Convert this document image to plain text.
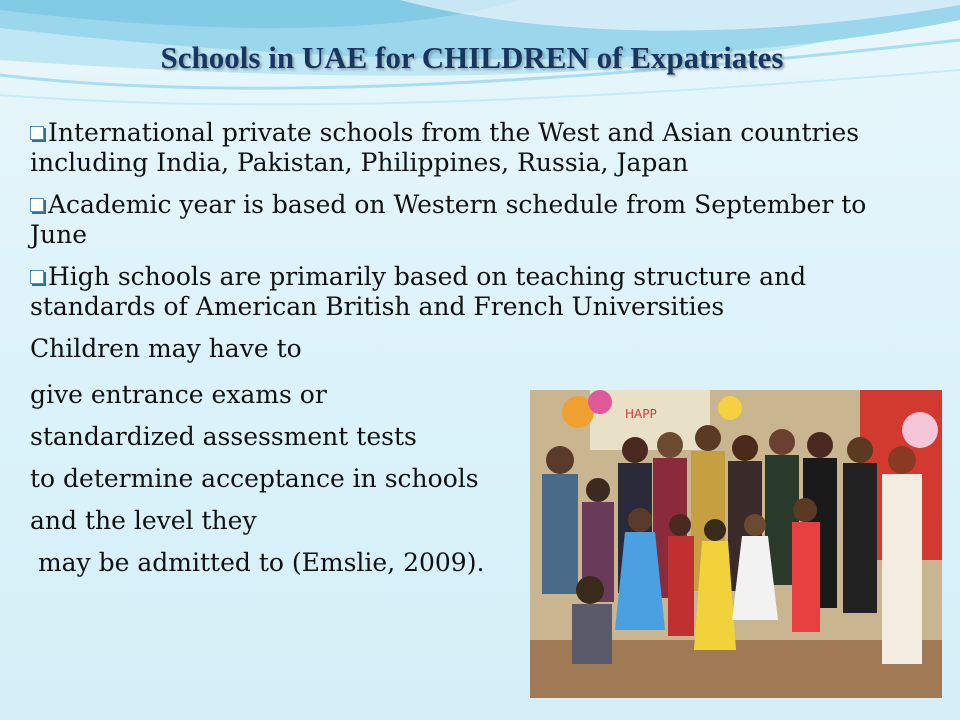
Schools in UAE for CHILDREN of Expatriates

International private schools from the West and Asian countries including India, Pakistan, Philippines, Russia, Japan

Academic year is based on Western schedule from September to June

High schools are primarily based on teaching structure and standards of American British and French Universities

Children may have to
give entrance exams or
standardized assessment tests
to determine acceptance in schools
and the level they
may be admitted to (Emslie, 2009).
HAPP
